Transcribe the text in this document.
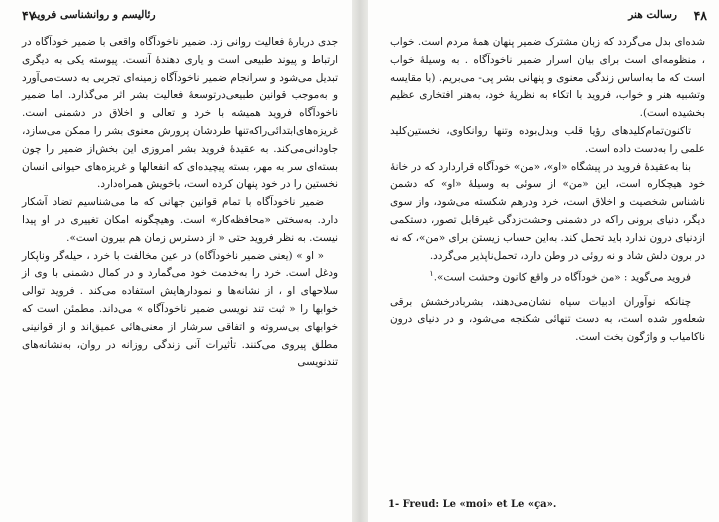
رئالیسم و روانشناسی فروید
۴۷

جدی دربارهٔ فعالیت روانی زد. ضمیر ناخودآگاه واقعی با ضمیر خودآگاه در ارتباط و پیوند طبیعی است و یاری دهندهٔ آنست. پیوسته یکی به دیگری تبدیل می‌شود و سرانجام ضمیر ناخودآگاه زمینه‌ای تجربی به دست‌می‌آورد و به‌موجب قوانین طبیعی‌درتوسعهٔ فعالیت بشر اثر می‌گذارد. اما ضمیر ناخودآگاه فروید همیشه با خرد و تعالی و اخلاق در دشمنی است. غریزه‌های‌ابتدائی‌راکه‌تنها طردشان پرورش معنوی بشر را ممکن می‌سازد، جاودانی‌می‌کند. به عقیدهٔ فروید بشر امروزی این بخش‌از ضمیر را چون بسته‌ای سر به مهر، بسته پیچیده‌ای که انفعالها و غریزه‌های حیوانی انسان نخستین را در خود پنهان کرده است، باخویش همراه‌دارد.

ضمیر ناخودآگاه با تمام قوانین جهانی که ما می‌شناسیم تضاد آشکار دارد. به‌سختی «محافظه‌کار» است. وهیچگونه امکان تغییری در او پیدا نیست. به نظر فروید حتی « از دسترس زمان هم بیرون است».

« او » (یعنی ضمیر ناخودآگاه) در عین مخالفت با خرد ، حیله‌گر وناپکار ودغل است. خرد را به‌خدمت خود می‌گمارد و در کمال دشمنی با وی از سلاحهای او ، از نشانه‌ها و نمودارهایش استفاده می‌کند . فروید توالی خوابها را « ثبت تند نویسی ضمیر ناخودآگاه » می‌داند. مطمئن است که خوابهای بی‌سروته و اتفاقی سرشار از معنی‌هائی عمیق‌اند و از قوانینی مطلق پیروی می‌کنند. تأثیرات آنی زندگی روزانه در روان، به‌نشانه‌های تندنویسی

۴۸
رسالت هنر

شده‌ای بدل می‌گردد که زبان مشترک ضمیر پنهان همهٔ مردم است. خواب ، منظومه‌ای است برای بیان اسرار ضمیر ناخودآگاه . به وسیلهٔ خواب است که ما به‌اساس زندگی معنوی و پنهانی بشر پی- می‌بریم. (با مقایسه وتشبیه هنر و خواب، فروید با اتکاء به نظریهٔ خود، به‌هنر افتخاری عظیم بخشیده است).

تاکنون‌تمام‌کلیدهای رؤیا قلب وبدل‌بوده وتنها روانکاوی، نخستین‌کلید علمی را به‌دست داده است.

بنا به‌عقیدهٔ فروید در پیشگاه «او»، «من» خودآگاه قراردارد که در خانهٔ خود هیچکاره است، این «من» از سوئی به وسیلهٔ «او» که دشمن ناشناس شخصیت و اخلاق است، خرد ودرهم شکسته می‌شود، واز سوی دیگر، دنیای برونی راکه در دشمنی وحشت‌زدگی غیرقابل تصور، دستکمی ازدنیای درون ندارد باید تحمل کند. به‌این حساب زیستن برای «من»، که نه در برون دلش شاد و نه روئی در وطن دارد، تحمل‌ناپذیر می‌گردد.

فروید می‌گوید : «من خودآگاه در واقع کانون وحشت است».$^۱$

چنانکه نوآوران ادبیات سیاه نشان‌می‌دهند، بشربادرخشش برقی شعله‌ور شده است، به دست تنهائی شکنجه می‌شود، و در دنیای درون ناکامیاب و واژگون بخت است.

1- Freud: Le «moi» et Le «ça».
